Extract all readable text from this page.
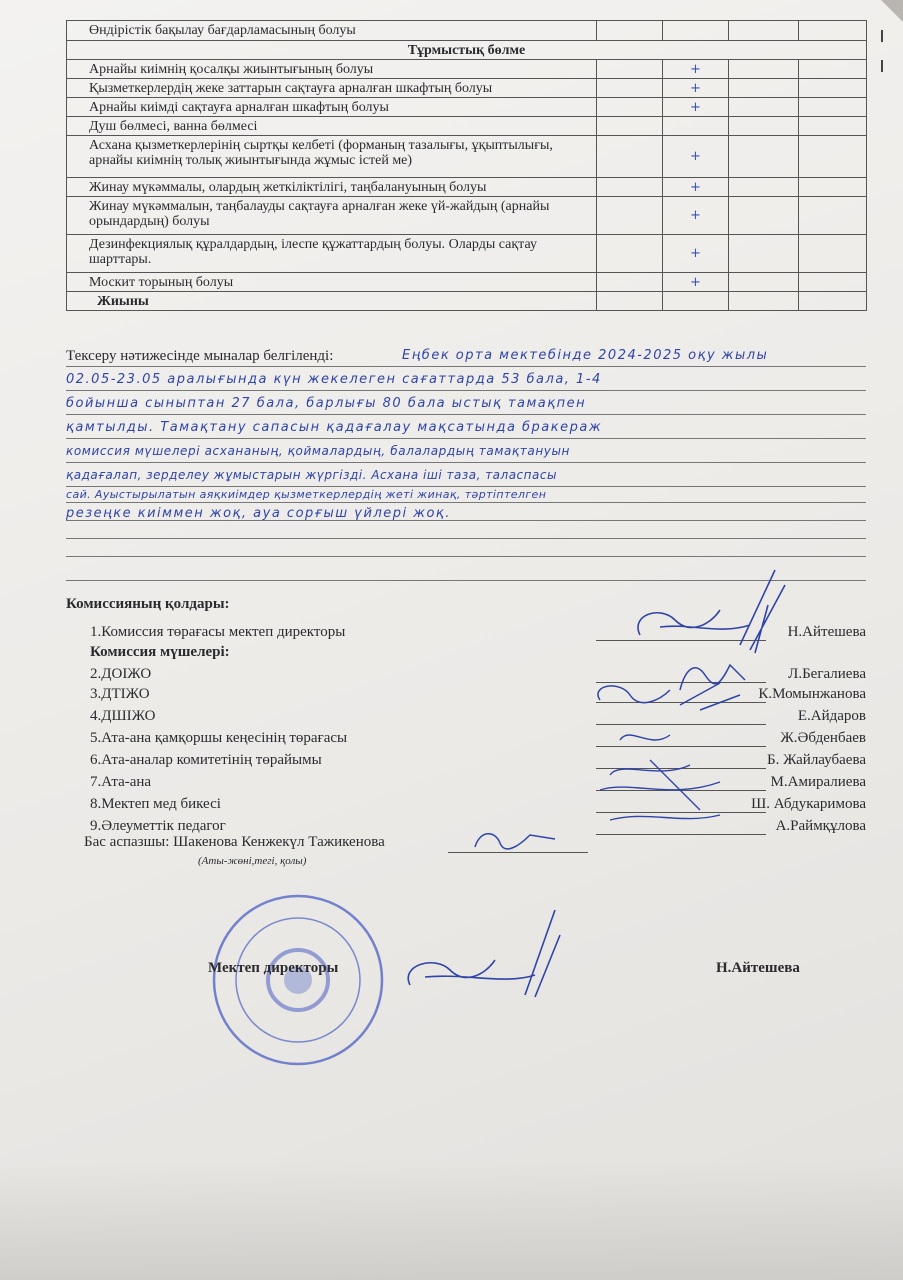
Өндірістік бақылау бағдарламасының болуы				
Тұрмыстық бөлме				
Арнайы киімнің қосалқы жиынтығының болуы		+		
Қызметкерлердің жеке заттарын сақтауға арналған шкафтың болуы		+		
Арнайы киімді сақтауға арналған шкафтың болуы		+		
Душ бөлмесі, ванна бөлмесі				
Асхана қызметкерлерінің сыртқы келбеті (форманың тазалығы, ұқыптылығы, арнайы киімнің толық жиынтығында жұмыс істей ме)		+		
Жинау мүкәммалы, олардың жеткіліктілігі, таңбалануының болуы		+		
Жинау мүкәммалын, таңбалауды сақтауға арналған жеке үй-жайдың (арнайы орындардың) болуы		+		
Дезинфекциялық құралдардың, ілеспе құжаттардың болуы. Оларды сақтау шарттары.		+		
Москит торының болуы		+		
Жиыны				
Тексеру нәтижесінде мыналар белгіленді:	Еңбек орта мектебінде 2024-2025 оқу жылы
02.05-23.05 аралығында күн жекелеген сағаттарда 53 бала, 1-4
бойынша сыныптан 27 бала, барлығы 80 бала ыстық тамақпен
қамтылды. Тамақтану сапасын қадағалау мақсатында бракераж
комиссия мүшелері асхананың, қоймалардың, балалардың тамақтануын
қадағалап, зерделеу жұмыстарын жүргізді. Асхана іші таза, таласпасы
сай. Ауыстырылатын аяқкиімдер қызметкерлердің жеті жинақ, тәртіптелген
резеңке киіммен жоқ, ауа сорғыш үйлері жоқ.
Комиссияның қолдары:
1.Комиссия төрағасы мектеп директоры	Н.Айтешева
Комиссия мүшелері:
2.ДОІЖО	Л.Бегалиева
3.ДТІЖО	К.Момынжанова
4.ДШІЖО	Е.Айдаров
5.Ата-ана қамқоршы кеңесінің төрағасы	Ж.Әбденбаев
6.Ата-аналар комитетінің төрайымы	Б. Жайлаубаева
7.Ата-ана	М.Амиралиева
8.Мектеп мед бикесі	Ш. Абдукаримова
9.Әлеуметтік педагог	А.Раймқұлова
Бас аспазшы: Шакенова Кенжекүл Тажикенова
(Аты-жөні,тегі, қолы)
Мектеп директоры	Н.Айтешева
